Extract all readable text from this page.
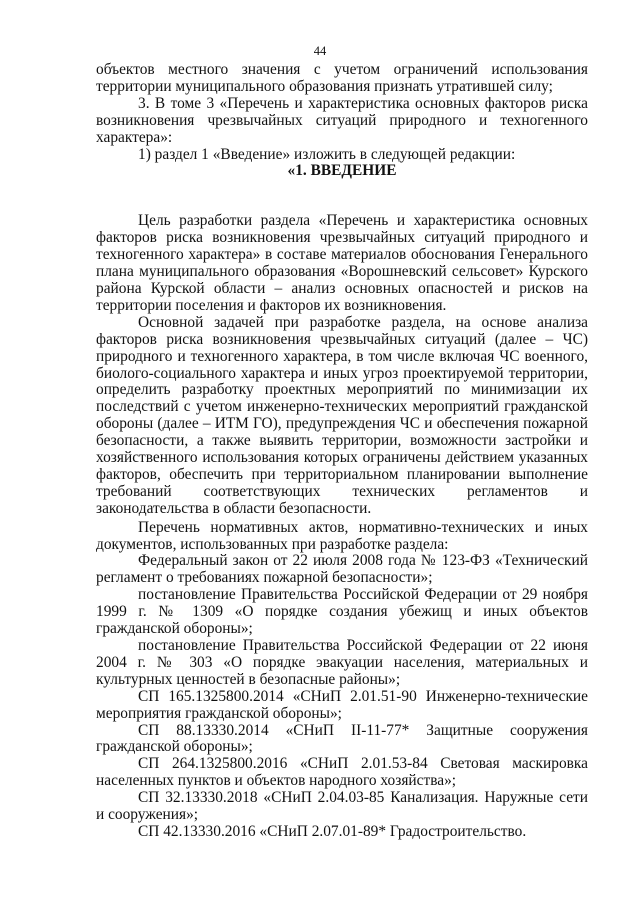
44

объектов местного значения с учетом ограничений использования территории муниципального образования признать утратившей силу;

3. В томе 3 «Перечень и характеристика основных факторов риска возникновения чрезвычайных ситуаций природного и техногенного характера»:

1) раздел 1 «Введение» изложить в следующей редакции:

«1. ВВЕДЕНИЕ

Цель разработки раздела «Перечень и характеристика основных факторов риска возникновения чрезвычайных ситуаций природного и техногенного характера» в составе материалов обоснования Генерального плана муниципального образования «Ворошневский сельсовет» Курского района Курской области – анализ основных опасностей и рисков на территории поселения и факторов их возникновения.

Основной задачей при разработке раздела, на основе анализа факторов риска возникновения чрезвычайных ситуаций (далее – ЧС) природного и техногенного характера, в том числе включая ЧС военного, биолого-социального характера и иных угроз проектируемой территории, определить разработку проектных мероприятий по минимизации их последствий с учетом инженерно-технических мероприятий гражданской обороны (далее – ИТМ ГО), предупреждения ЧС и обеспечения пожарной безопасности, а также выявить территории, возможности застройки и хозяйственного использования которых ограничены действием указанных факторов, обеспечить при территориальном планировании выполнение требований соответствующих технических регламентов и законодательства в области безопасности.

Перечень нормативных актов, нормативно-технических и иных документов, использованных при разработке раздела:

Федеральный закон от 22 июля 2008 года № 123-ФЗ «Технический регламент о требованиях пожарной безопасности»;

постановление Правительства Российской Федерации от 29 ноября 1999 г. № 1309 «О порядке создания убежищ и иных объектов гражданской обороны»;

постановление Правительства Российской Федерации от 22 июня 2004 г. № 303 «О порядке эвакуации населения, материальных и культурных ценностей в безопасные районы»;

СП 165.1325800.2014 «СНиП 2.01.51-90 Инженерно-технические мероприятия гражданской обороны»;

СП 88.13330.2014 «СНиП II-11-77* Защитные сооружения гражданской обороны»;

СП 264.1325800.2016 «СНиП 2.01.53-84 Световая маскировка населенных пунктов и объектов народного хозяйства»;

СП 32.13330.2018 «СНиП 2.04.03-85 Канализация. Наружные сети и сооружения»;

СП 42.13330.2016 «СНиП 2.07.01-89* Градостроительство.
